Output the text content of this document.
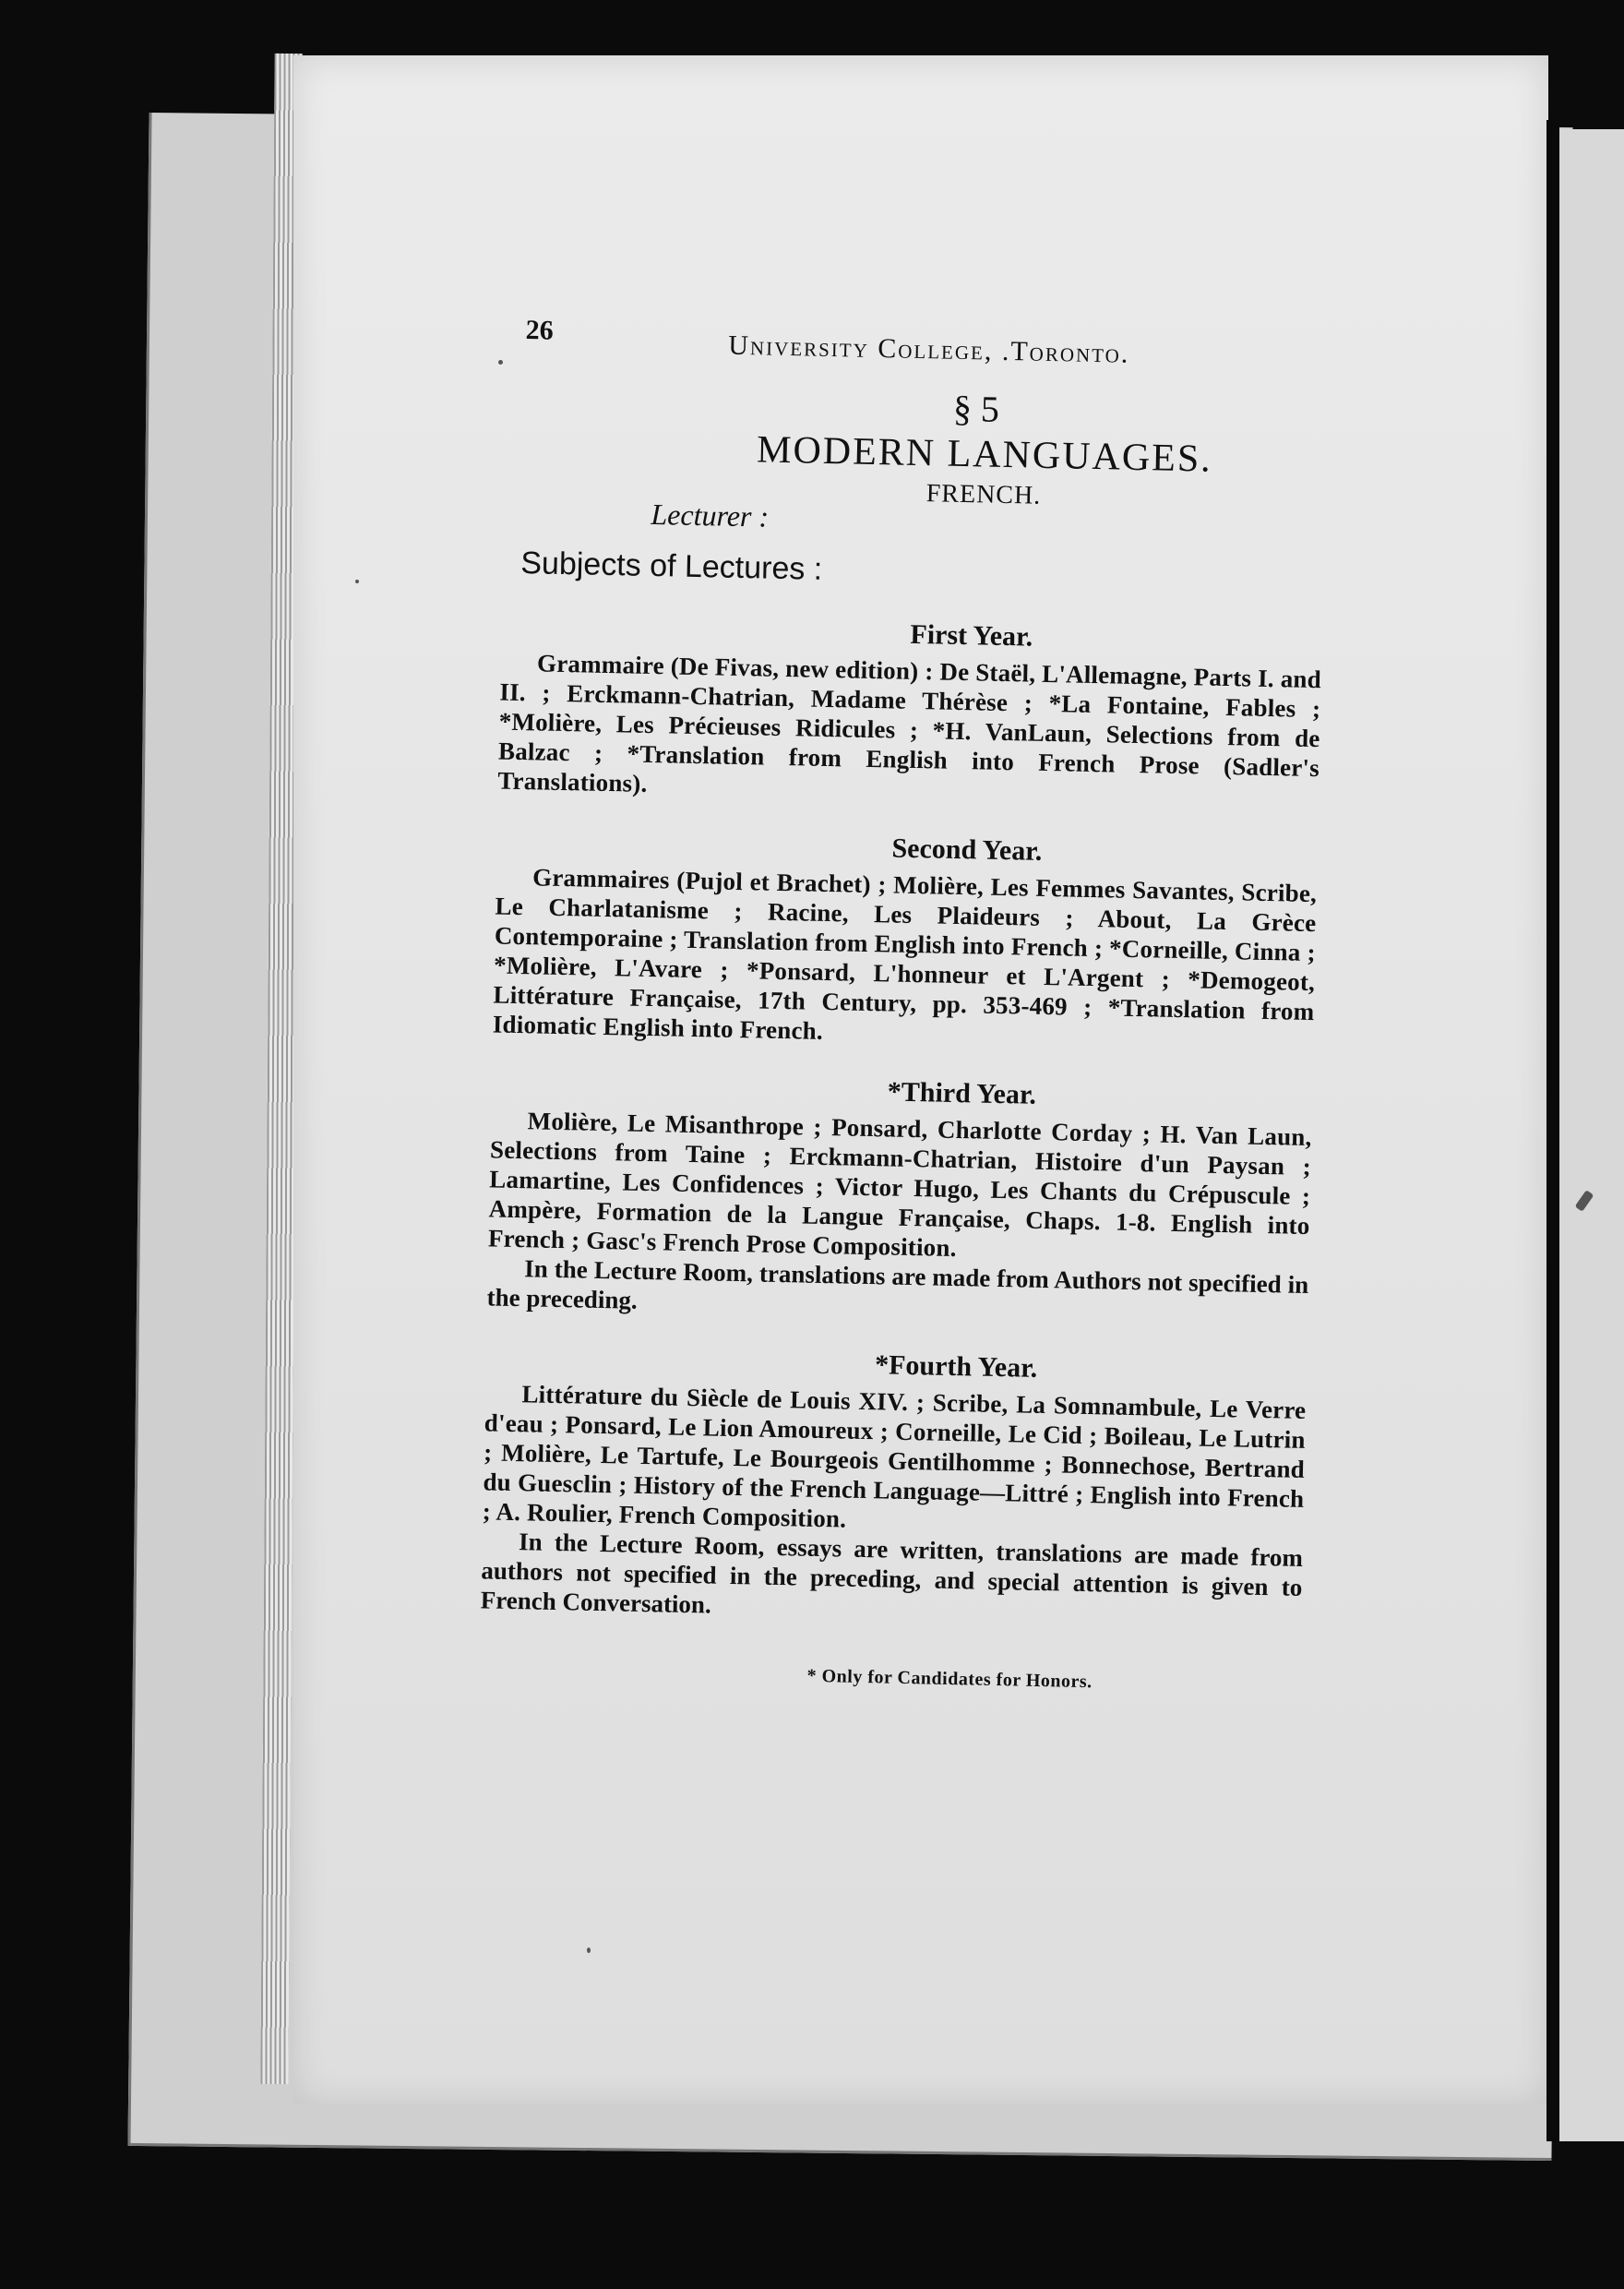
26	University College, .Toronto.
§ 5
MODERN LANGUAGES.
FRENCH.
Lecturer :
Subjects of Lectures :
First Year.
Grammaire (De Fivas, new edition) : De Staël, L'Allemagne, Parts I. and II. ; Erckmann-Chatrian, Madame Thérèse ; *La Fontaine, Fables ; *Molière, Les Précieuses Ridicules ; *H. VanLaun, Selections from de Balzac ; *Translation from English into French Prose (Sadler's Translations).
Second Year.
Grammaires (Pujol et Brachet) ; Molière, Les Femmes Savantes, Scribe, Le Charlatanisme ; Racine, Les Plaideurs ; About, La Grèce Contemporaine ; Translation from English into French ; *Corneille, Cinna ; *Molière, L'Avare ; *Ponsard, L'honneur et L'Argent ; *Demogeot, Littérature Française, 17th Century, pp. 353-469 ; *Translation from Idiomatic English into French.
*Third Year.
Molière, Le Misanthrope ; Ponsard, Charlotte Corday ; H. Van Laun, Selections from Taine ; Erckmann-Chatrian, Histoire d'un Paysan ; Lamartine, Les Confidences ; Victor Hugo, Les Chants du Crépuscule ; Ampère, Formation de la Langue Française, Chaps. 1-8. English into French ; Gasc's French Prose Composition.
In the Lecture Room, translations are made from Authors not specified in the preceding.
*Fourth Year.
Littérature du Siècle de Louis XIV. ; Scribe, La Somnambule, Le Verre d'eau ; Ponsard, Le Lion Amoureux ; Corneille, Le Cid ; Boileau, Le Lutrin ; Molière, Le Tartufe, Le Bourgeois Gentilhomme ; Bonnechose, Bertrand du Guesclin ; History of the French Language—Littré ; English into French ; A. Roulier, French Composition.
In the Lecture Room, essays are written, translations are made from authors not specified in the preceding, and special attention is given to French Conversation.
* Only for Candidates for Honors.
